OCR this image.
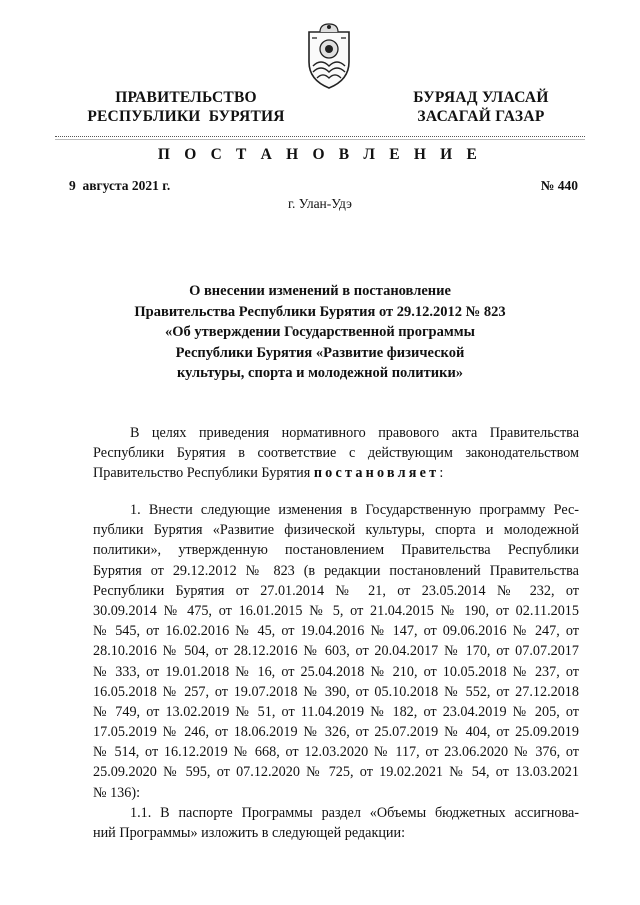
ПРАВИТЕЛЬСТВО
РЕСПУБЛИКИ  БУРЯТИЯ
БУРЯАД УЛАСАЙ
ЗАСАГАЙ ГАЗАР
П О С Т А Н О В Л Е Н И Е
9  августа 2021 г.	№ 440
г. Улан-Удэ
О внесении изменений в постановление
Правительства Республики Бурятия от 29.12.2012 № 823
«Об утверждении Государственной программы
Республики Бурятия «Развитие физической
культуры, спорта и молодежной политики»
В целях приведения нормативного правового акта Правительства
Республики Бурятия в соответствие с действующим законодательством
Правительство Республики Бурятия постановляет:
1. Внести следующие изменения в Государственную программу Рес-
публики Бурятия «Развитие физической культуры, спорта и молодежной
политики», утвержденную постановлением Правительства Республики
Бурятия от 29.12.2012 № 823 (в редакции постановлений Правительства
Республики Бурятия от 27.01.2014 № 21, от 23.05.2014 № 232, от
30.09.2014 № 475, от 16.01.2015 № 5, от 21.04.2015 № 190, от 02.11.2015
№ 545, от 16.02.2016 № 45, от 19.04.2016 № 147, от 09.06.2016 № 247, от
28.10.2016 № 504, от 28.12.2016 № 603, от 20.04.2017 № 170, от 07.07.2017
№ 333, от 19.01.2018 № 16, от 25.04.2018 № 210, от 10.05.2018 № 237, от
16.05.2018 № 257, от 19.07.2018 № 390, от 05.10.2018 № 552, от 27.12.2018
№ 749, от 13.02.2019 № 51, от 11.04.2019 № 182, от 23.04.2019 № 205, от
17.05.2019 № 246, от 18.06.2019 № 326, от 25.07.2019 № 404, от 25.09.2019
№ 514, от 16.12.2019 № 668, от 12.03.2020 № 117, от 23.06.2020 № 376, от
25.09.2020 № 595, от 07.12.2020 № 725, от 19.02.2021 № 54, от 13.03.2021
№ 136):
1.1. В паспорте Программы раздел «Объемы бюджетных ассигнова-
ний Программы» изложить в следующей редакции:
